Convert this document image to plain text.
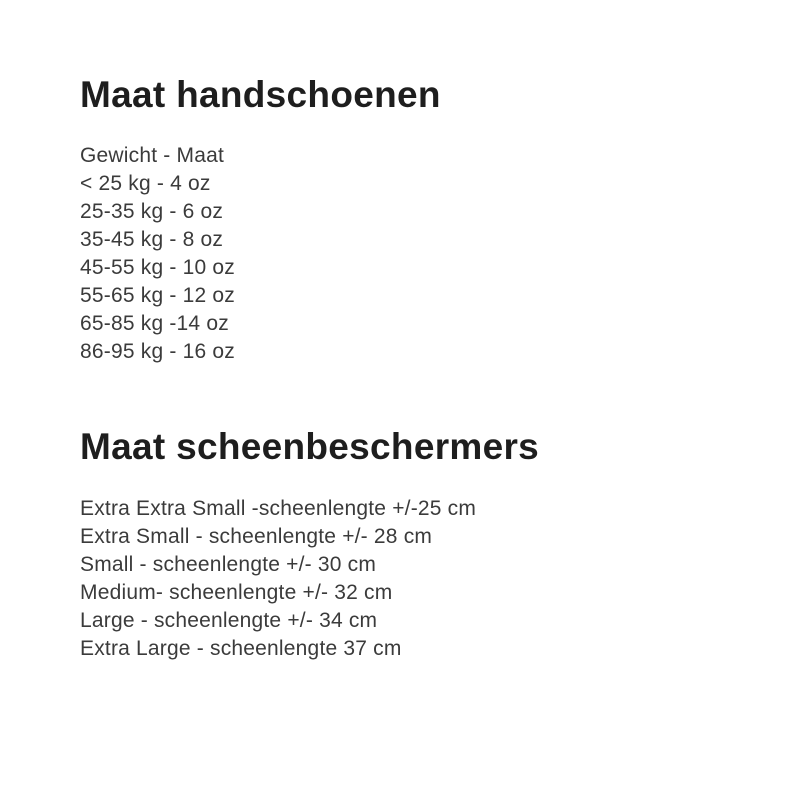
Maat handschoenen

Gewicht - Maat

< 25 kg - 4 oz

25-35 kg - 6 oz

35-45 kg - 8 oz

45-55 kg - 10 oz

55-65 kg - 12 oz

65-85 kg -14 oz

86-95 kg - 16 oz

Maat scheenbeschermers

Extra Extra Small -scheenlengte +/-25 cm

Extra Small - scheenlengte +/- 28 cm

Small - scheenlengte +/- 30 cm

Medium- scheenlengte +/- 32 cm

Large - scheenlengte +/- 34 cm

Extra Large - scheenlengte 37 cm
